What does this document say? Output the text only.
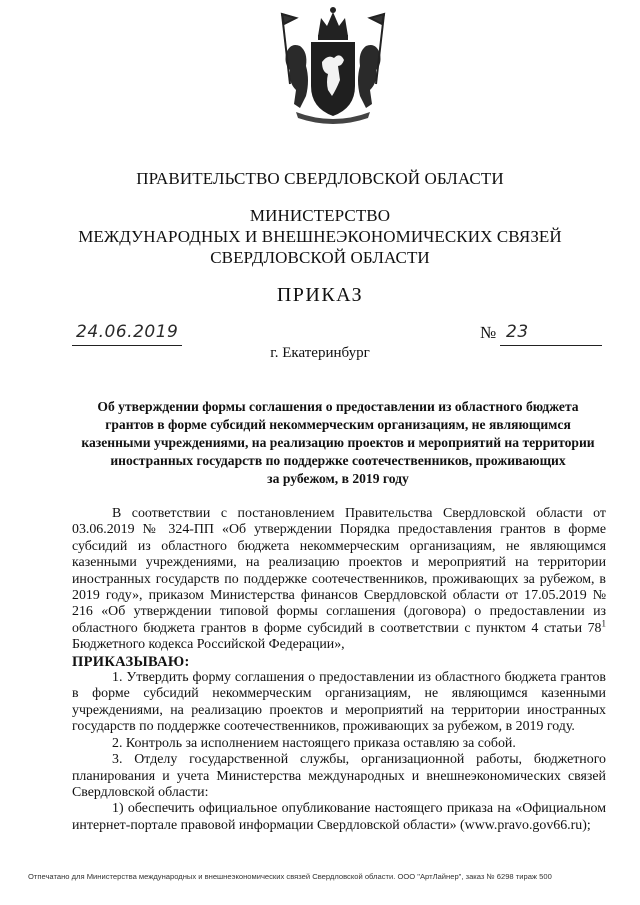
ПРАВИТЕЛЬСТВО СВЕРДЛОВСКОЙ ОБЛАСТИ
МИНИСТЕРСТВО
МЕЖДУНАРОДНЫХ И ВНЕШНЕЭКОНОМИЧЕСКИХ СВЯЗЕЙ
СВЕРДЛОВСКОЙ ОБЛАСТИ
ПРИКАЗ
24.06.2019	№ 23
г. Екатеринбург
Об утверждении формы соглашения о предоставлении из областного бюджета
грантов в форме субсидий некоммерческим организациям, не являющимся
казенными учреждениями, на реализацию проектов и мероприятий на территории
иностранных государств по поддержке соотечественников, проживающих
за рубежом, в 2019 году

В соответствии с постановлением Правительства Свердловской области от 03.06.2019 № 324-ПП «Об утверждении Порядка предоставления грантов в форме субсидий из областного бюджета некоммерческим организациям, не являющимся казенными учреждениями, на реализацию проектов и мероприятий на территории иностранных государств по поддержке соотечественников, проживающих за рубежом, в 2019 году», приказом Министерства финансов Свердловской области от 17.05.2019 № 216 «Об утверждении типовой формы соглашения (договора) о предоставлении из областного бюджета грантов в форме субсидий в соответствии с пунктом 4 статьи $78^1$ Бюджетного кодекса Российской Федерации»,

ПРИКАЗЫВАЮ:

1. Утвердить форму соглашения о предоставлении из областного бюджета грантов в форме субсидий некоммерческим организациям, не являющимся казенными учреждениями, на реализацию проектов и мероприятий на территории иностранных государств по поддержке соотечественников, проживающих за рубежом, в 2019 году.

2. Контроль за исполнением настоящего приказа оставляю за собой.

3. Отделу государственной службы, организационной работы, бюджетного планирования и учета Министерства международных и внешнеэкономических связей Свердловской области:

1) обеспечить официальное опубликование настоящего приказа на «Официальном интернет-портале правовой информации Свердловской области» (www.pravo.gov66.ru);

Отпечатано для Министерства международных и внешнеэкономических связей Свердловской области. ООО "АртЛайнер", заказ № 6298 тираж 500
